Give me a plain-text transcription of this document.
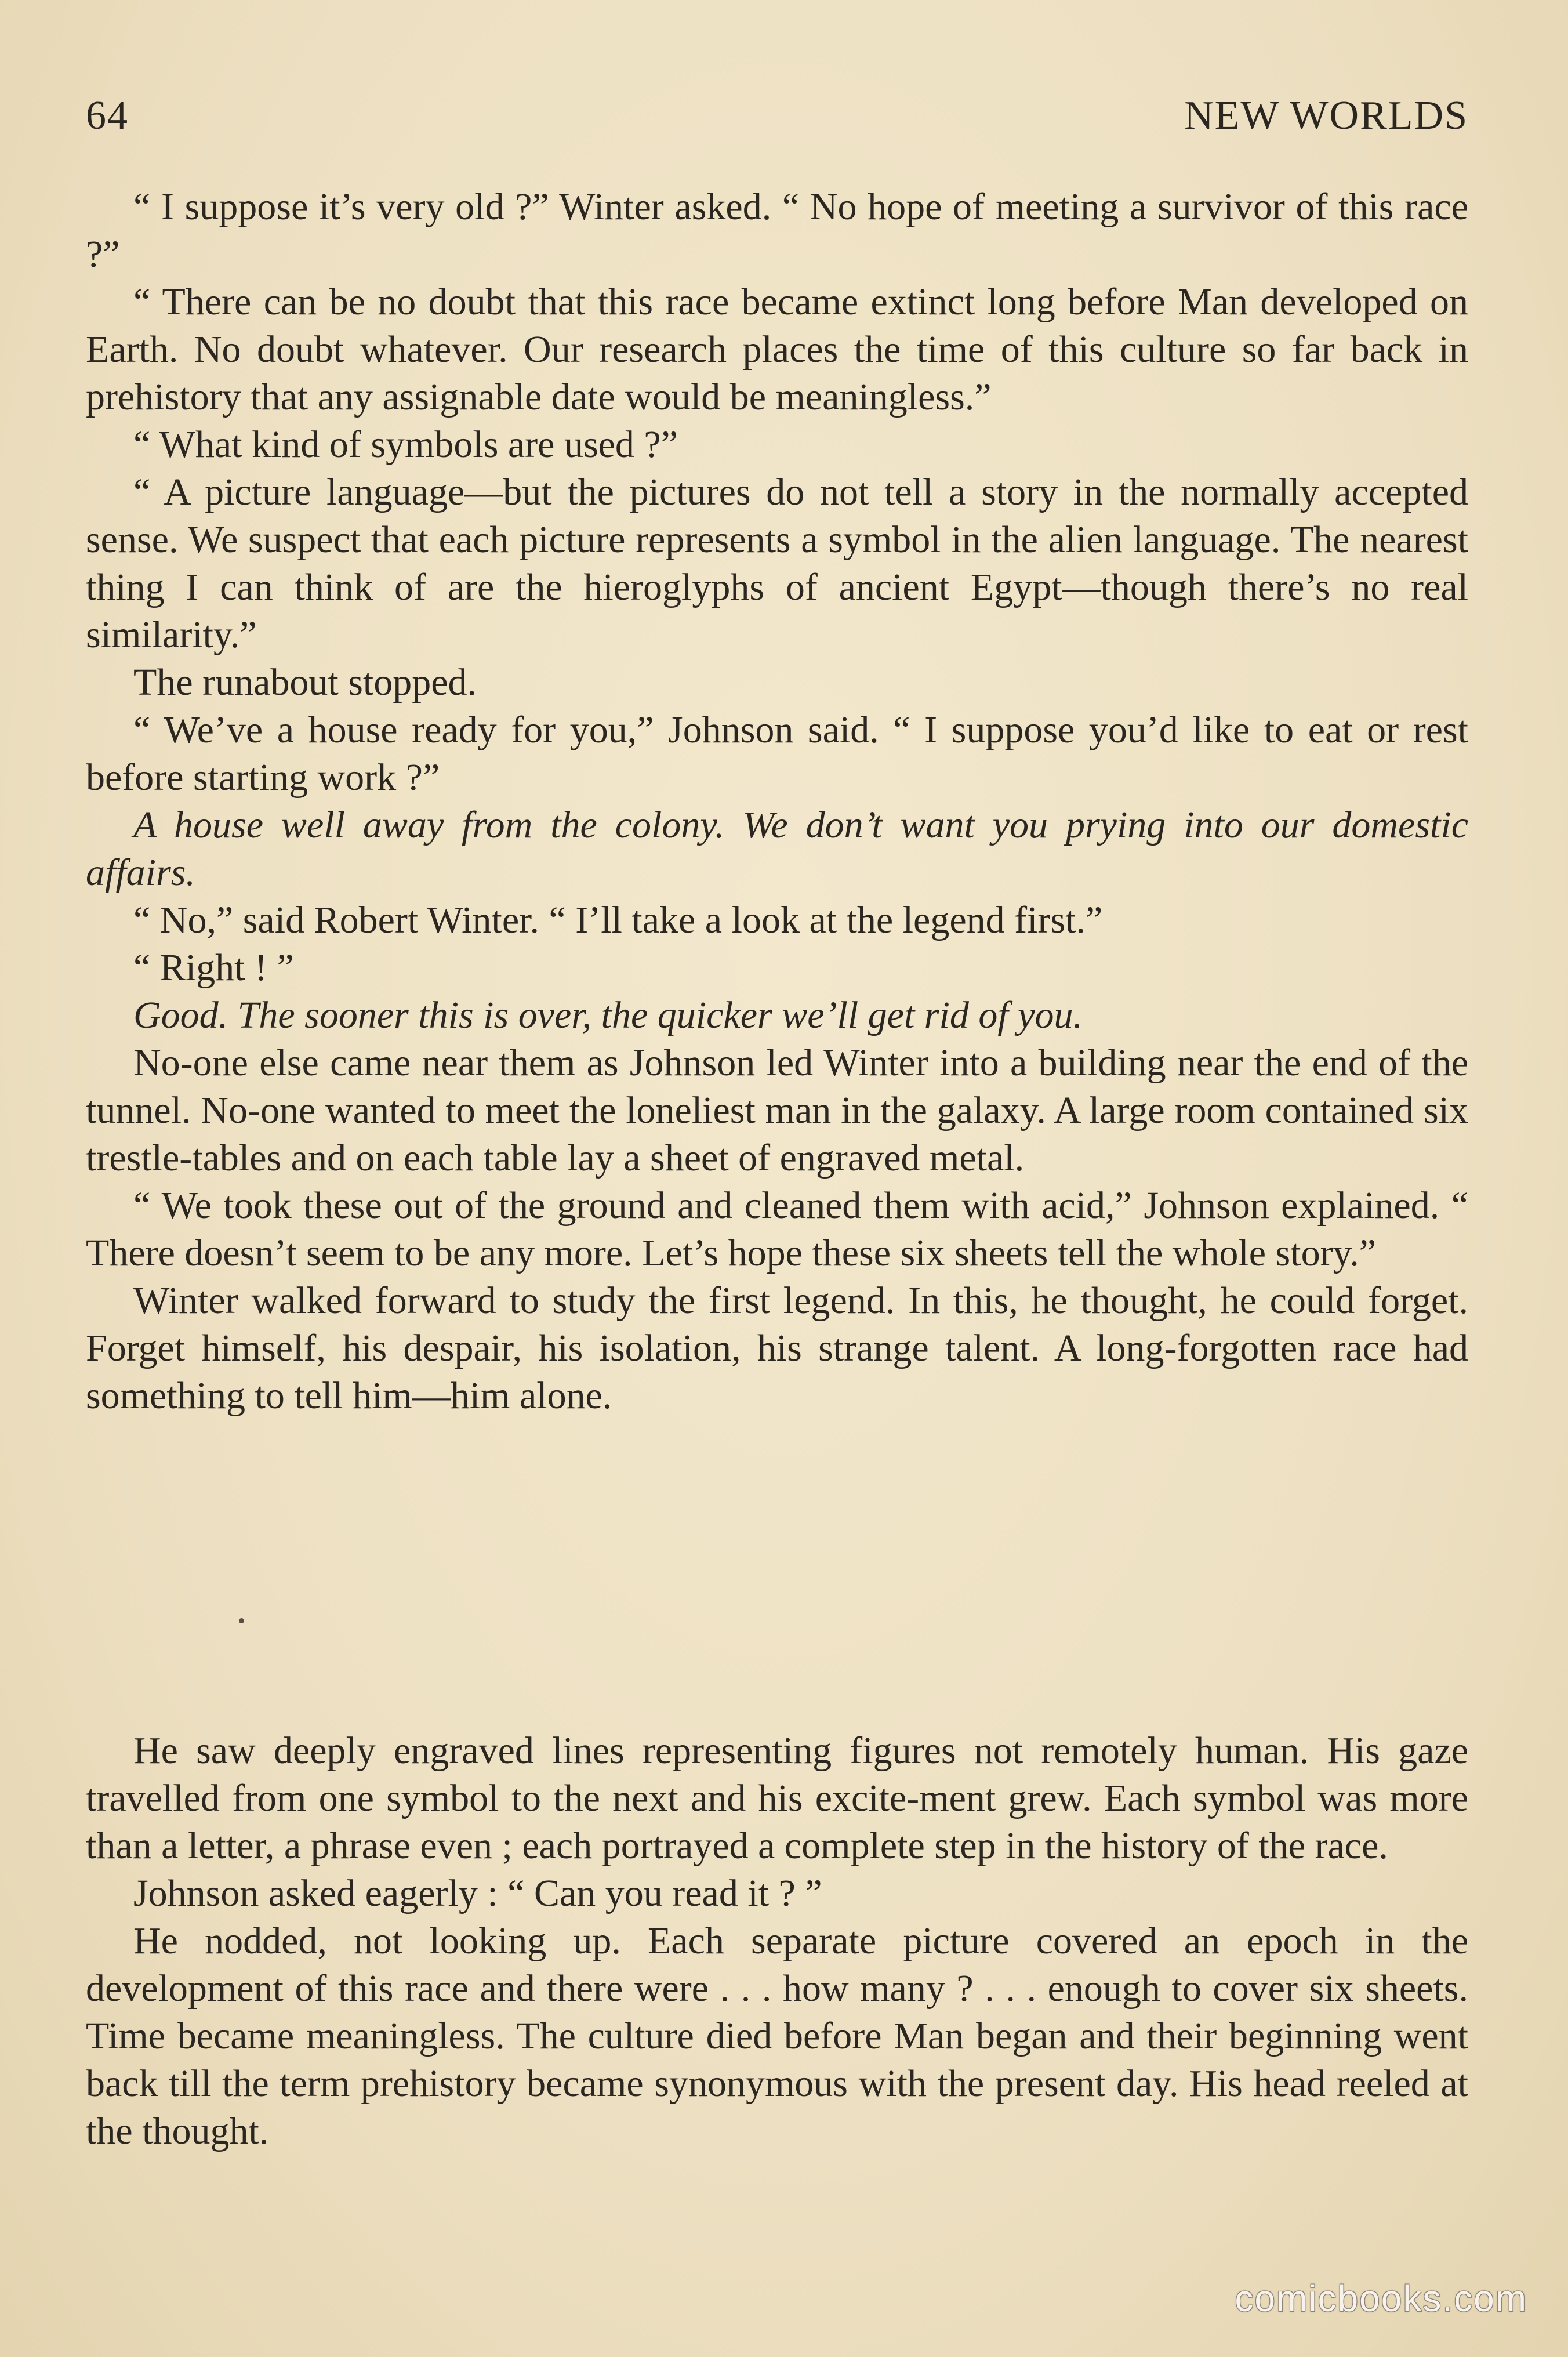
64	NEW WORLDS

“ I suppose it’s very old ?” Winter asked. “ No hope of meeting a survivor of this race ?”

“ There can be no doubt that this race became extinct long before Man developed on Earth. No doubt whatever. Our research places the time of this culture so far back in prehistory that any assignable date would be meaningless.”

“ What kind of symbols are used ?”

“ A picture language—but the pictures do not tell a story in the normally accepted sense. We suspect that each picture represents a symbol in the alien language. The nearest thing I can think of are the hieroglyphs of ancient Egypt—though there’s no real similarity.”

The runabout stopped.

“ We’ve a house ready for you,” Johnson said. “ I suppose you’d like to eat or rest before starting work ?”

A house well away from the colony. We don’t want you prying into our domestic affairs.

“ No,” said Robert Winter. “ I’ll take a look at the legend first.”

“ Right ! ”

Good. The sooner this is over, the quicker we’ll get rid of you.

No-one else came near them as Johnson led Winter into a building near the end of the tunnel. No-one wanted to meet the loneliest man in the galaxy. A large room contained six trestle-tables and on each table lay a sheet of engraved metal.

“ We took these out of the ground and cleaned them with acid,” Johnson explained. “ There doesn’t seem to be any more. Let’s hope these six sheets tell the whole story.”

Winter walked forward to study the first legend. In this, he thought, he could forget. Forget himself, his despair, his isolation, his strange talent. A long-forgotten race had something to tell him—him alone.

He saw deeply engraved lines representing figures not remotely human. His gaze travelled from one symbol to the next and his excite-ment grew. Each symbol was more than a letter, a phrase even ; each portrayed a complete step in the history of the race.

Johnson asked eagerly : “ Can you read it ? ”

He nodded, not looking up. Each separate picture covered an epoch in the development of this race and there were . . . how many ? . . . enough to cover six sheets. Time became meaningless. The culture died before Man began and their beginning went back till the term prehistory became synonymous with the present day. His head reeled at the thought.

comicbooks.com
